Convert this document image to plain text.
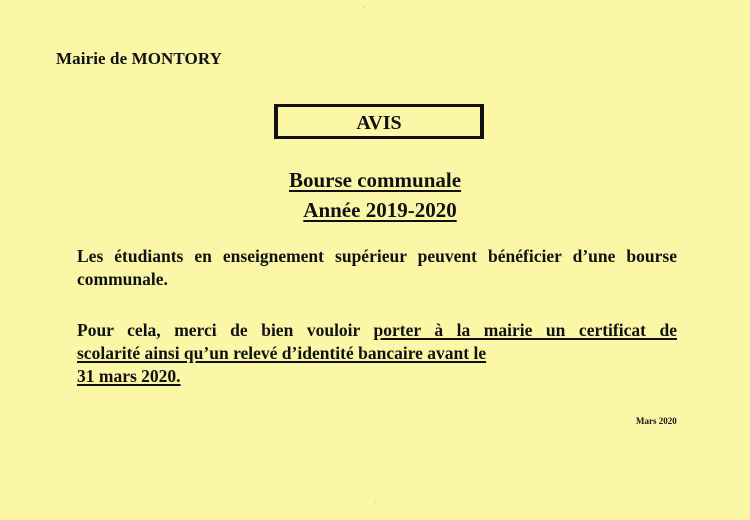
٬
·
Mairie de MONTORY
AVIS
Bourse communale
Année 2019-2020
Les étudiants en enseignement supérieur peuvent bénéficier d’une bourse communale.
Pour cela, merci de bien vouloir porter à la mairie un certificat de
scolarité ainsi qu’un relevé d’identité bancaire avant le
31 mars 2020.
Mars 2020
